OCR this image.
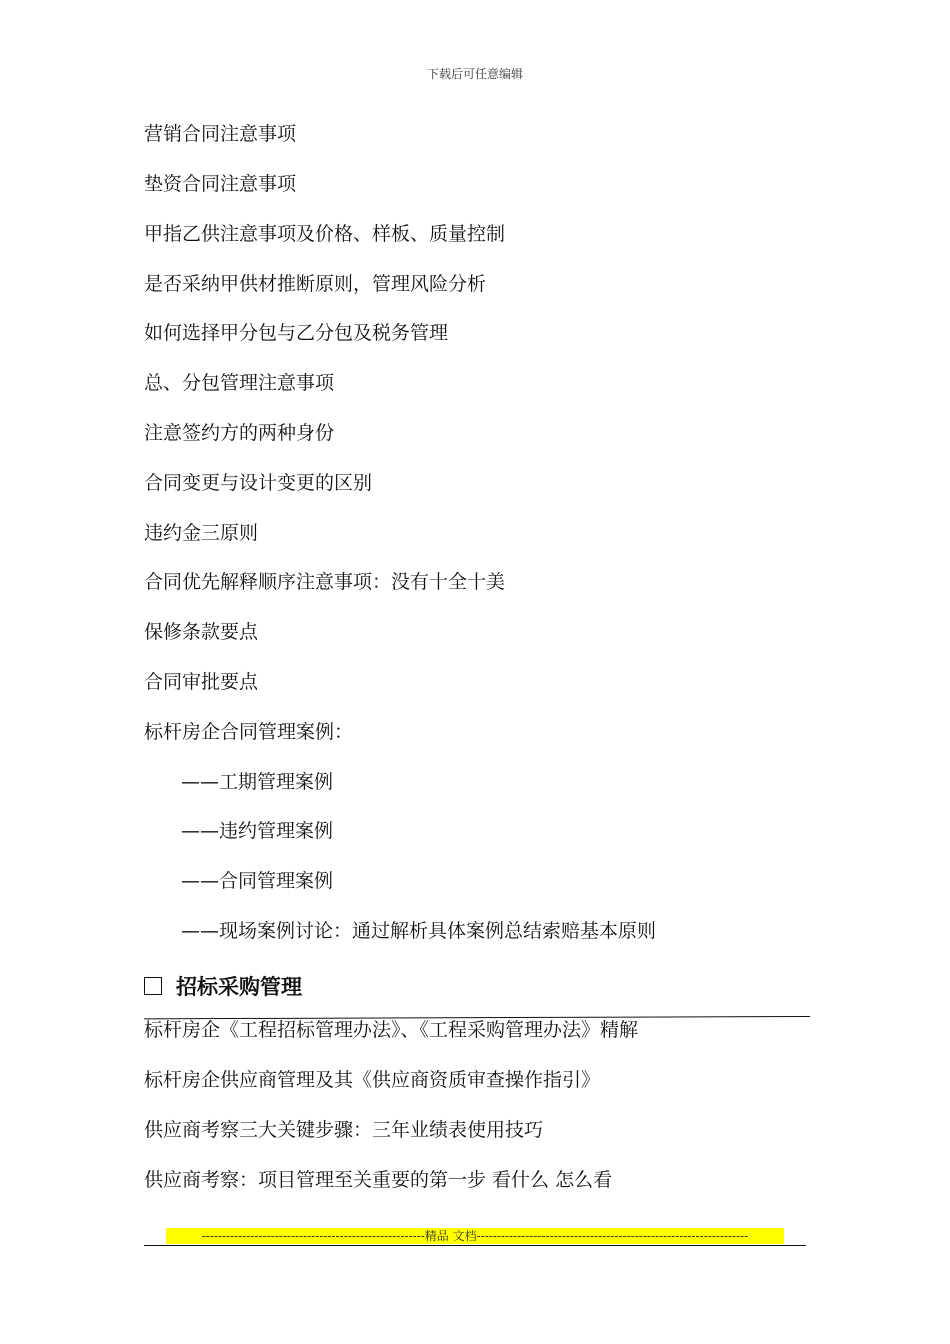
下载后可任意编辑
营销合同注意事项
垫资合同注意事项
甲指乙供注意事项及价格、样板、质量控制
是否采纳甲供材推断原则，管理风险分析
如何选择甲分包与乙分包及税务管理
总、分包管理注意事项
注意签约方的两种身份
合同变更与设计变更的区别
违约金三原则
合同优先解释顺序注意事项：没有十全十美
保修条款要点
合同审批要点
标杆房企合同管理案例：
——工期管理案例
——违约管理案例
——合同管理案例
——现场案例讨论：通过解析具体案例总结索赔基本原则
招标采购管理
标杆房企《工程招标管理办法》、《工程采购管理办法》精解
标杆房企供应商管理及其《供应商资质审查操作指引》
供应商考察三大关键步骤：三年业绩表使用技巧
供应商考察：项目管理至关重要的第一步 看什么 怎么看
-------------------------------------------------------精品 文档-------------------------------------------------------------------
